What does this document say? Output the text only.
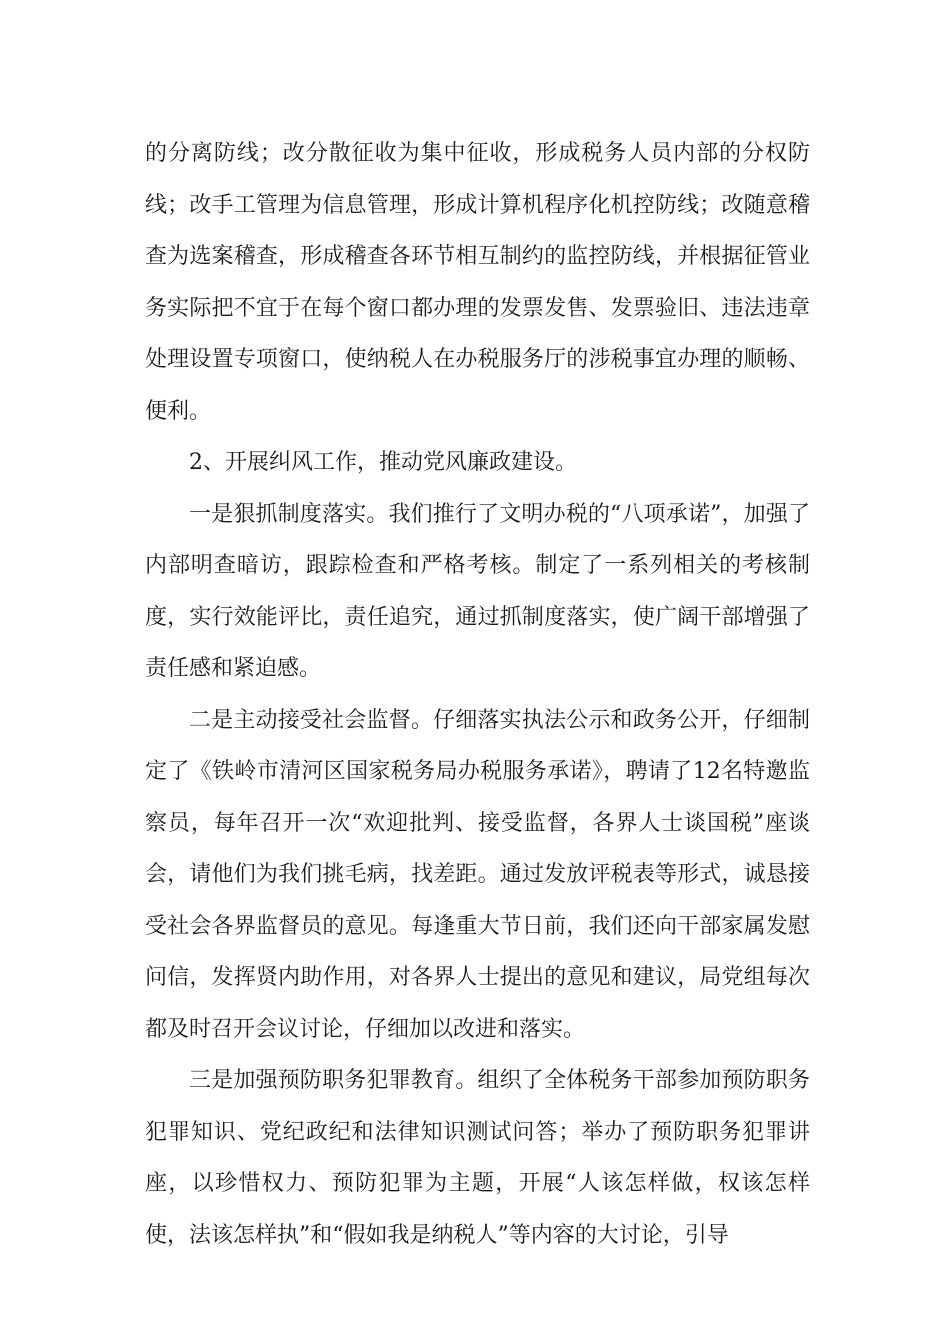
的分离防线；改分散征收为集中征收，形成税务人员内部的分权防线；改手工管理为信息管理，形成计算机程序化机控防线；改随意稽查为选案稽查，形成稽查各环节相互制约的监控防线，并根据征管业务实际把不宜于在每个窗口都办理的发票发售、发票验旧、违法违章处理设置专项窗口，使纳税人在办税服务厅的涉税事宜办理的顺畅、便利。

2、开展纠风工作，推动党风廉政建设。

一是狠抓制度落实。我们推行了文明办税的“八项承诺”，加强了内部明查暗访，跟踪检查和严格考核。制定了一系列相关的考核制度，实行效能评比，责任追究，通过抓制度落实，使广阔干部增强了责任感和紧迫感。

二是主动接受社会监督。仔细落实执法公示和政务公开，仔细制定了《铁岭市清河区国家税务局办税服务承诺》，聘请了12名特邀监察员，每年召开一次“欢迎批判、接受监督，各界人士谈国税”座谈会，请他们为我们挑毛病，找差距。通过发放评税表等形式，诚恳接受社会各界监督员的意见。每逢重大节日前，我们还向干部家属发慰问信，发挥贤内助作用，对各界人士提出的意见和建议，局党组每次都及时召开会议讨论，仔细加以改进和落实。

三是加强预防职务犯罪教育。组织了全体税务干部参加预防职务犯罪知识、党纪政纪和法律知识测试问答；举办了预防职务犯罪讲座，以珍惜权力、预防犯罪为主题，开展“人该怎样做，权该怎样使，法该怎样执”和“假如我是纳税人”等内容的大讨论，引导
